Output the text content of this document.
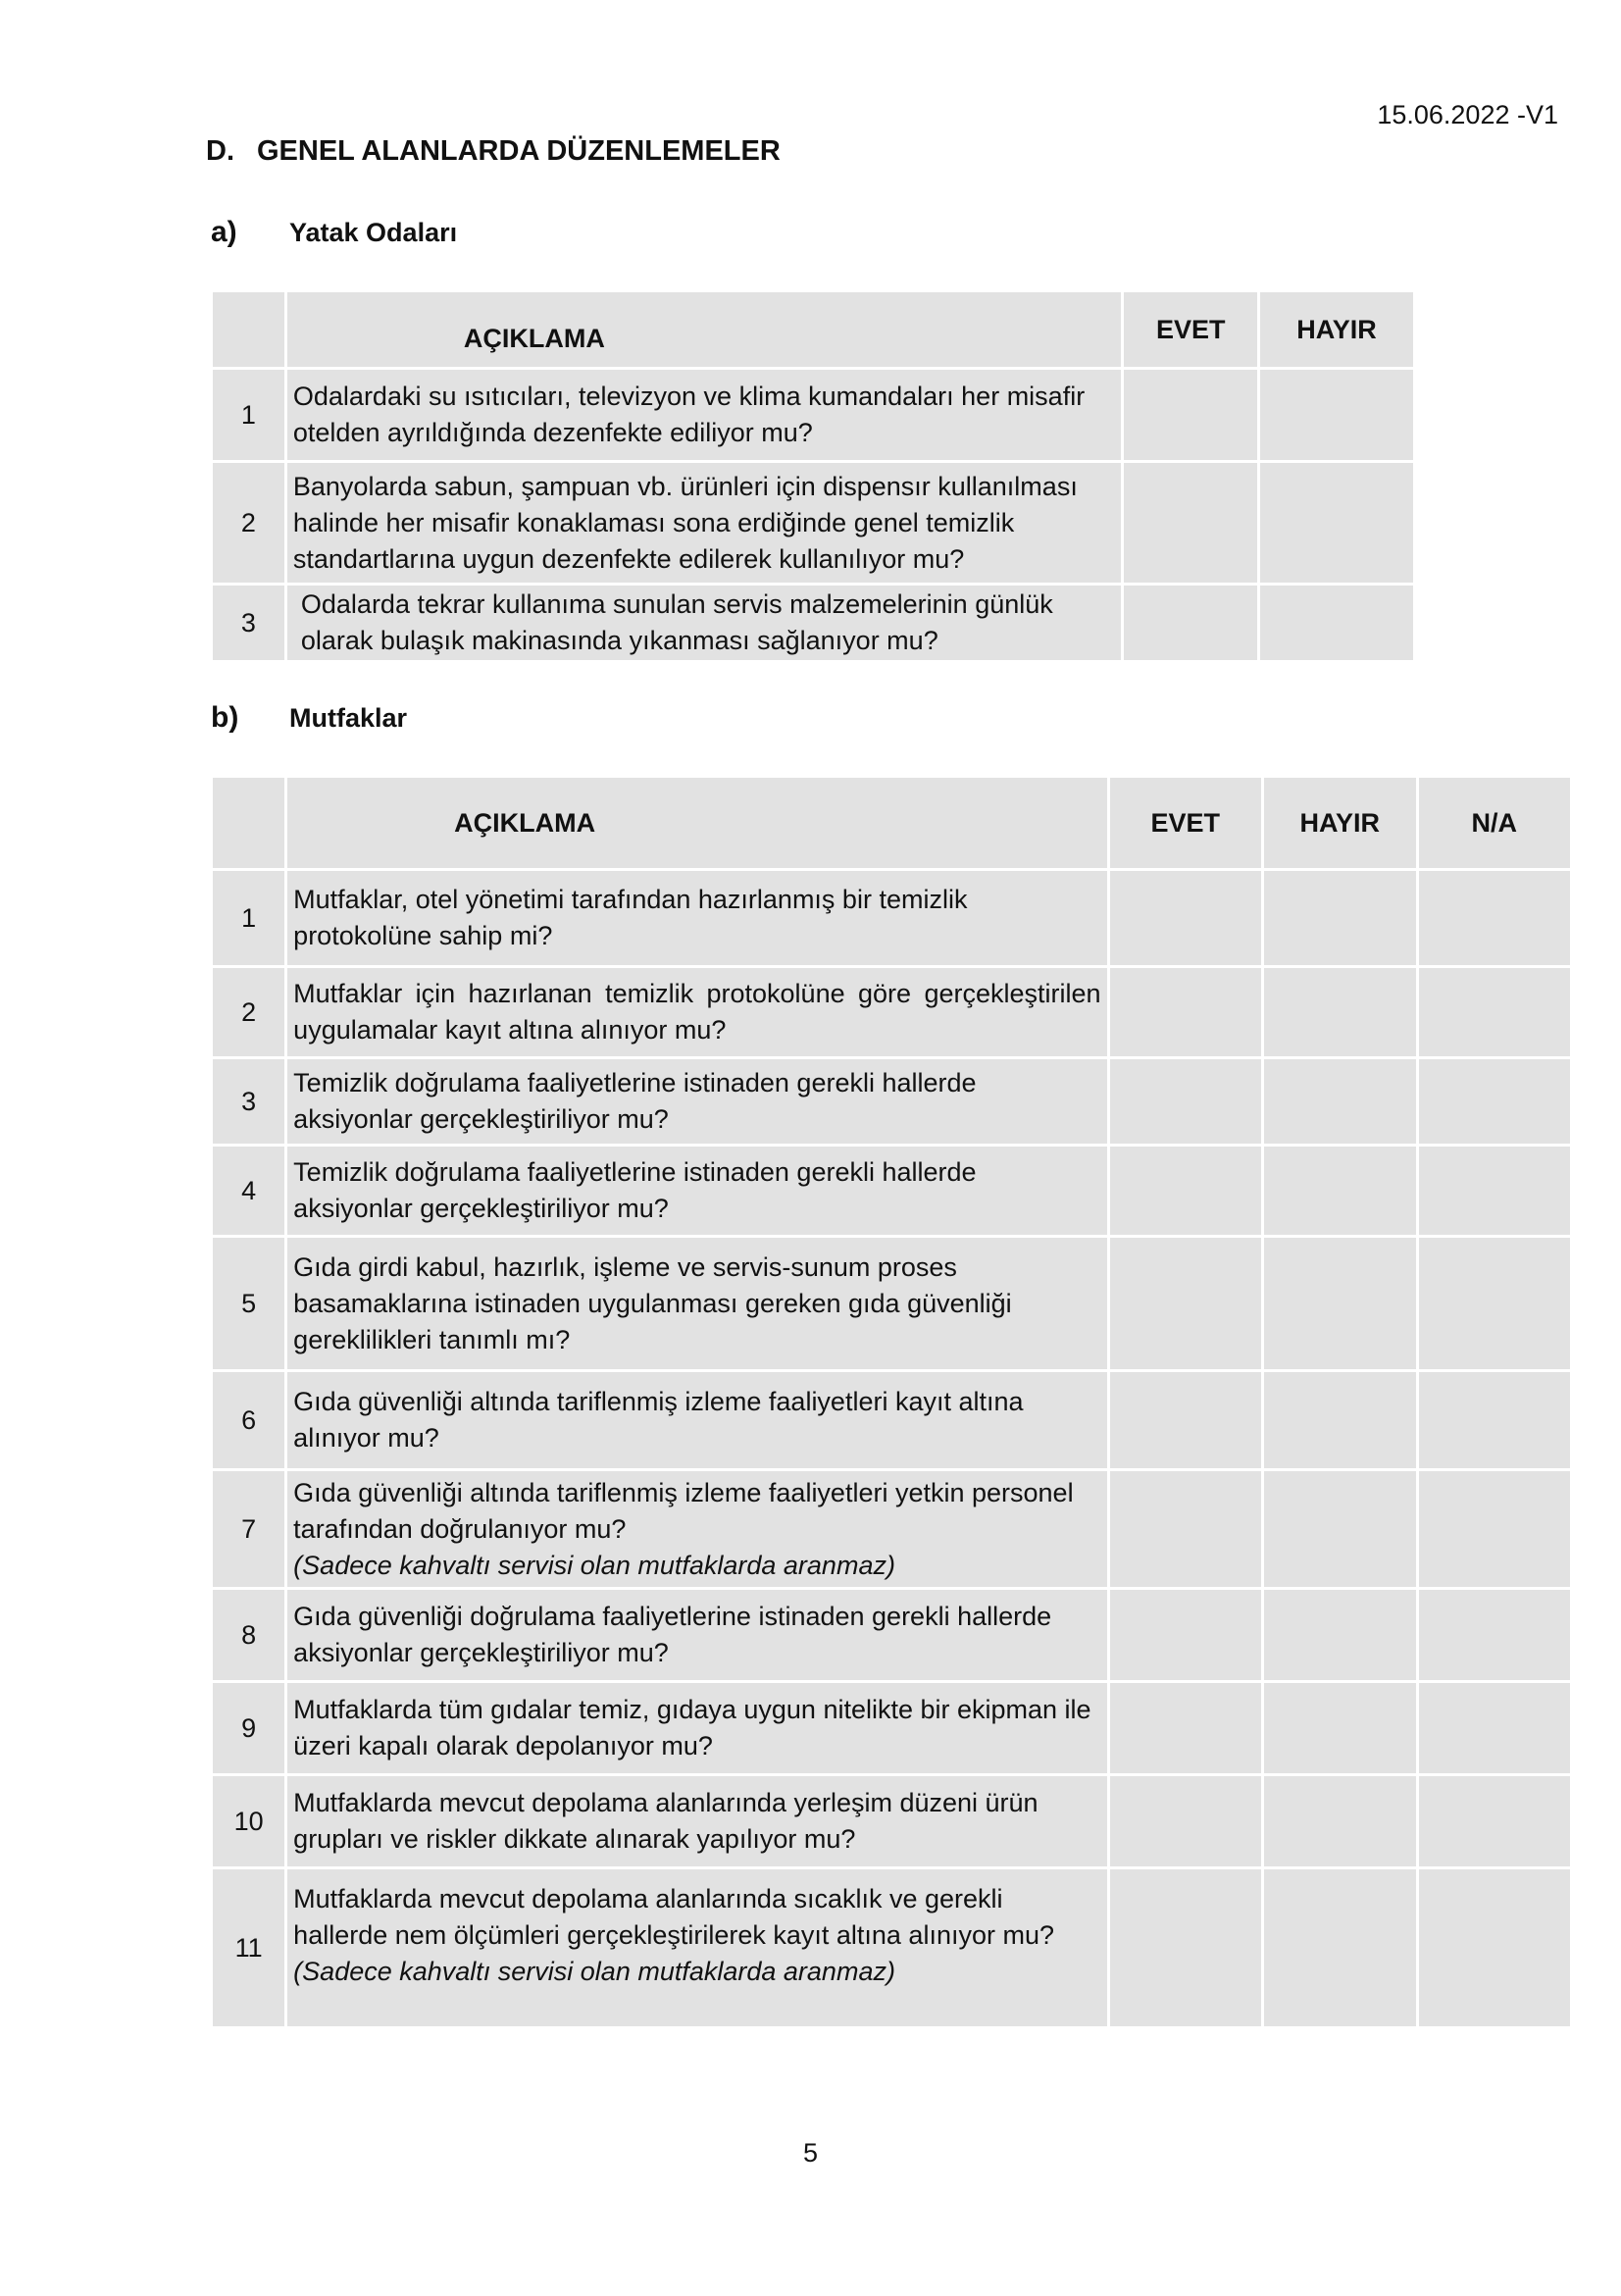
15.06.2022 -V1
D. GENEL ALANLARDA DÜZENLEMELER
a) Yatak Odaları
	AÇIKLAMA	EVET	HAYIR
1	Odalardaki su ısıtıcıları, televizyon ve klima kumandaları her misafir otelden ayrıldığında dezenfekte ediliyor mu?		
2	Banyolarda sabun, şampuan vb. ürünleri için dispensır kullanılması halinde her misafir konaklaması sona erdiğinde genel temizlik standartlarına uygun dezenfekte edilerek kullanılıyor mu?		
3	Odalarda tekrar kullanıma sunulan servis malzemelerinin günlük olarak bulaşık makinasında yıkanması sağlanıyor mu?		
b) Mutfaklar
	AÇIKLAMA	EVET	HAYIR	N/A
1	Mutfaklar, otel yönetimi tarafından hazırlanmış bir temizlik protokolüne sahip mi?			
2	Mutfaklar için hazırlanan temizlik protokolüne göre gerçekleştirilen uygulamalar kayıt altına alınıyor mu?			
3	Temizlik doğrulama faaliyetlerine istinaden gerekli hallerde aksiyonlar gerçekleştiriliyor mu?			
4	Temizlik doğrulama faaliyetlerine istinaden gerekli hallerde aksiyonlar gerçekleştiriliyor mu?			
5	Gıda girdi kabul, hazırlık, işleme ve servis-sunum proses basamaklarına istinaden uygulanması gereken gıda güvenliği gereklilikleri tanımlı mı?			
6	Gıda güvenliği altında tariflenmiş izleme faaliyetleri kayıt altına alınıyor mu?			
7	Gıda güvenliği altında tariflenmiş izleme faaliyetleri yetkin personel tarafından doğrulanıyor mu?
(Sadece kahvaltı servisi olan mutfaklarda aranmaz)			
8	Gıda güvenliği doğrulama faaliyetlerine istinaden gerekli hallerde aksiyonlar gerçekleştiriliyor mu?			
9	Mutfaklarda tüm gıdalar temiz, gıdaya uygun nitelikte bir ekipman ile üzeri kapalı olarak depolanıyor mu?			
10	Mutfaklarda mevcut depolama alanlarında yerleşim düzeni ürün grupları ve riskler dikkate alınarak yapılıyor mu?			
11	Mutfaklarda mevcut depolama alanlarında sıcaklık ve gerekli hallerde nem ölçümleri gerçekleştirilerek kayıt altına alınıyor mu? (Sadece kahvaltı servisi olan mutfaklarda aranmaz)			
5
